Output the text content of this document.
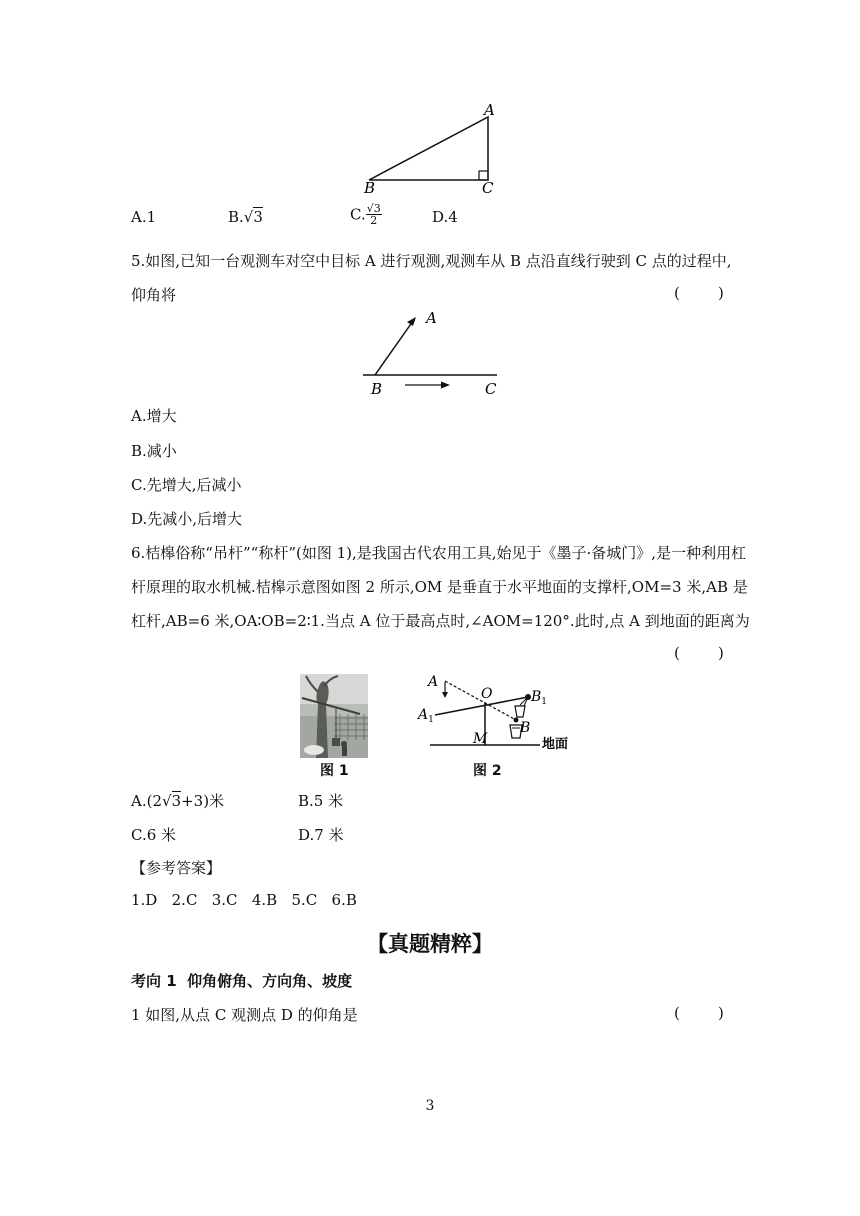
A
B	C
A.1	B.√3	C. $\frac{√3}{2}$	D.4
5.如图,已知一台观测车对空中目标 A 进行观测,观测车从 B 点沿直线行驶到 C 点的过程中,
仰角将	(        )
A
B	C
A.增大
B.减小
C.先增大,后减小
D.先减小,后增大
6.桔槔俗称“吊杆”“称杆”(如图 1),是我国古代农用工具,始见于《墨子·备城门》,是一种利用杠
杆原理的取水机械.桔槔示意图如图 2 所示,OM 是垂直于水平地面的支撑杆,OM=3 米,AB 是
杠杆,AB=6 米,OA∶OB=2∶1.当点 A 位于最高点时,∠AOM=120°.此时,点 A 到地面的距离为
(        )
图 1
A
O	$B_1$
$A_1$	B
M	地面
图 2
A.(2√3+3)米	B.5 米
C.6 米	D.7 米
【参考答案】
1.D   2.C   3.C   4.B   5.C   6.B
【真题精粹】
考向 1  仰角俯角、方向角、坡度
1 如图,从点 C 观测点 D 的仰角是	(        )
3
